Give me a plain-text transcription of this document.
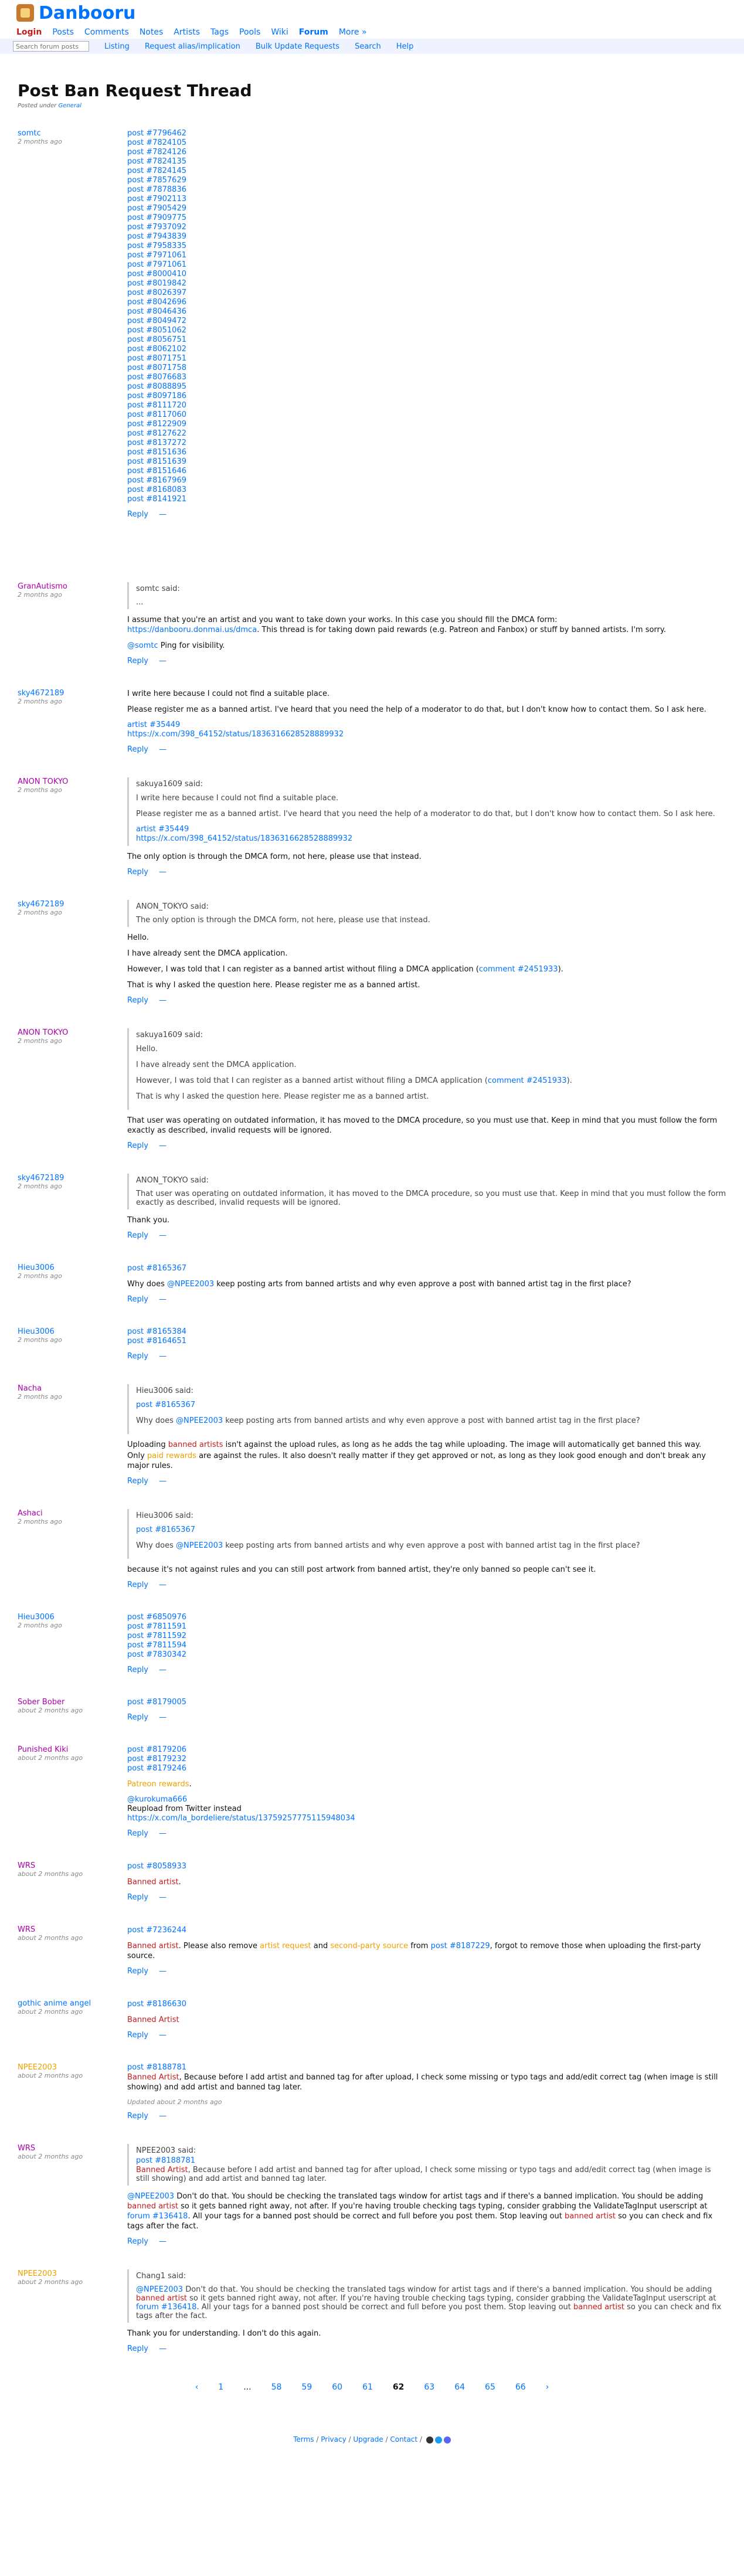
Danbooru
Login Posts Comments Notes Artists Tags Pools Wiki Forum More »
Search forum posts
Listing Request alias/implication Bulk Update Requests Search Help
Post Ban Request Thread
Posted under General
somtc
2 months ago
post #7796462
post #7824105
post #7824126
post #7824135
post #7824145
post #7857629
post #7878836
post #7902113
post #7905429
post #7909775
post #7937092
post #7943839
post #7958335
post #7971061
post #7971061
post #8000410
post #8019842
post #8026397
post #8042696
post #8046436
post #8049472
post #8051062
post #8056751
post #8062102
post #8071751
post #8071758
post #8076683
post #8088895
post #8097186
post #8111720
post #8117060
post #8122909
post #8127622
post #8137272
post #8151636
post #8151639
post #8151646
post #8167969
post #8168083
post #8141921
Reply —
GranAutismo
2 months ago
somtc said:
...

I assume that you're an artist and you want to take down your works. In this case you should fill the DMCA form:
https://danbooru.donmai.us/dmca. This thread is for taking down paid rewards (e.g. Patreon and Fanbox) or stuff by banned artists. I'm sorry.

@somtc Ping for visibility.

Reply —
sky4672189
2 months ago

I write here because I could not find a suitable place.

Please register me as a banned artist. I've heard that you need the help of a moderator to do that, but I don't know how to contact them. So I ask here.

artist #35449
https://x.com/398_64152/status/1836316628528889932
Reply —
ANON TOKYO
2 months ago
sakuya1609 said:

I write here because I could not find a suitable place.

Please register me as a banned artist. I've heard that you need the help of a moderator to do that, but I don't know how to contact them. So I ask here.

artist #35449
https://x.com/398_64152/status/1836316628528889932

The only option is through the DMCA form, not here, please use that instead.

Reply —
sky4672189
2 months ago
ANON_TOKYO said:
The only option is through the DMCA form, not here, please use that instead.

Hello.

I have already sent the DMCA application.

However, I was told that I can register as a banned artist without filing a DMCA application (comment #2451933).

That is why I asked the question here. Please register me as a banned artist.

Reply —
ANON TOKYO
2 months ago
sakuya1609 said:

Hello.

I have already sent the DMCA application.

However, I was told that I can register as a banned artist without filing a DMCA application (comment #2451933).

That is why I asked the question here. Please register me as a banned artist.

That user was operating on outdated information, it has moved to the DMCA procedure, so you must use that. Keep in mind that you must follow the form exactly as described, invalid requests will be ignored.

Reply —
sky4672189
2 months ago
ANON_TOKYO said:
That user was operating on outdated information, it has moved to the DMCA procedure, so you must use that. Keep in mind that you must follow the form exactly as described, invalid requests will be ignored.

Thank you.

Reply —
Hieu3006
2 months ago

post #8165367

Why does @NPEE2003 keep posting arts from banned artists and why even approve a post with banned artist tag in the first place?

Reply —
Hieu3006
2 months ago
post #8165384
post #8164651
Reply —
Nacha
2 months ago
Hieu3006 said:

post #8165367

Why does @NPEE2003 keep posting arts from banned artists and why even approve a post with banned artist tag in the first place?

Uploading banned artists isn't against the upload rules, as long as he adds the tag while uploading. The image will automatically get banned this way.

Only paid rewards are against the rules. It also doesn't really matter if they get approved or not, as long as they look good enough and don't break any major rules.

Reply —
Ashaci
2 months ago
Hieu3006 said:

post #8165367

Why does @NPEE2003 keep posting arts from banned artists and why even approve a post with banned artist tag in the first place?

because it's not against rules and you can still post artwork from banned artist, they're only banned so people can't see it.

Reply —
Hieu3006
2 months ago
post #6850976
post #7811591
post #7811592
post #7811594
post #7830342
Reply —
Sober Bober
about 2 months ago
post #8179005
Reply —
Punished Kiki
about 2 months ago
post #8179206
post #8179232
post #8179246

Patreon rewards.

@kurokuma666
Reupload from Twitter instead
https://x.com/la_bordeliere/status/1375925777511594803​4
Reply —
WRS
about 2 months ago

post #8058933

Banned artist.

Reply —
WRS
about 2 months ago

post #7236244

Banned artist. Please also remove artist request and second-party source from post #8187229, forgot to remove those when uploading the first-party source.

Reply —
gothic anime angel
about 2 months ago

post #8186630

Banned Artist

Reply —
NPEE2003
about 2 months ago
post #8188781

Banned Artist, Because before I add artist and banned tag for after upload, I check some missing or typo tags and add/edit correct tag (when image is still showing) and add artist and banned tag later.

Updated about 2 months ago
Reply —
WRS
about 2 months ago
NPEE2003 said:
post #8188781
Banned Artist, Because before I add artist and banned tag for after upload, I check some missing or typo tags and add/edit correct tag (when image is still showing) and add artist and banned tag later.

@NPEE2003 Don't do that. You should be checking the translated tags window for artist tags and if there's a banned implication. You should be adding banned artist so it gets banned right away, not after. If you're having trouble checking tags typing, consider grabbing the ValidateTagInput userscript at forum #136418. All your tags for a banned post should be correct and full before you post them. Stop leaving out banned artist so you can check and fix tags after the fact.

Reply —
NPEE2003
about 2 months ago
Chang1 said:
@NPEE2003 Don't do that. You should be checking the translated tags window for artist tags and if there's a banned implication. You should be adding banned artist so it gets banned right away, not after. If you're having trouble checking tags typing, consider grabbing the ValidateTagInput userscript at forum #136418. All your tags for a banned post should be correct and full before you post them. Stop leaving out banned artist so you can check and fix tags after the fact.

Thank you for understanding. I don't do this again.

Reply —
‹ 1 ... 58 59 60 61 62 63 64 65 66 ›
Terms / Privacy / Upgrade / Contact /
